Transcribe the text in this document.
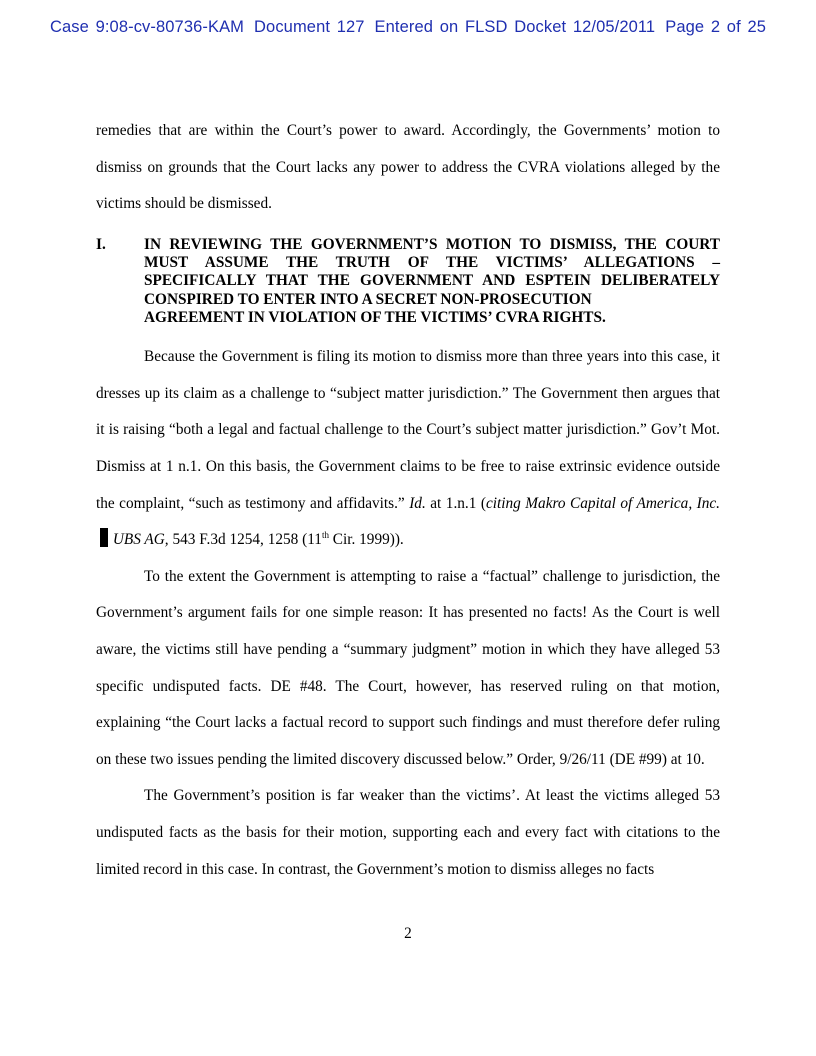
Case 9:08-cv-80736-KAM Document 127 Entered on FLSD Docket 12/05/2011 Page 2 of 25

remedies that are within the Court’s power to award. Accordingly, the Governments’ motion to dismiss on grounds that the Court lacks any power to address the CVRA violations alleged by the victims should be dismissed.

I.	IN REVIEWING THE GOVERNMENT’S MOTION TO DISMISS, THE COURT MUST ASSUME THE TRUTH OF THE VICTIMS’ ALLEGATIONS – SPECIFICALLY THAT THE GOVERNMENT AND ESPTEIN DELIBERATELY CONSPIRED TO ENTER INTO A SECRET NON-PROSECUTION
AGREEMENT IN VIOLATION OF THE VICTIMS’ CVRA RIGHTS.

Because the Government is filing its motion to dismiss more than three years into this case, it dresses up its claim as a challenge to “subject matter jurisdiction.” The Government then argues that it is raising “both a legal and factual challenge to the Court’s subject matter jurisdiction.” Gov’t Mot. Dismiss at 1 n.1. On this basis, the Government claims to be free to raise extrinsic evidence outside the complaint, “such as testimony and affidavits.” Id. at 1.n.1 (citing Makro Capital of America, Inc. UBS AG, 543 F.3d 1254, 1258 (11th Cir. 1999)).

To the extent the Government is attempting to raise a “factual” challenge to jurisdiction, the Government’s argument fails for one simple reason: It has presented no facts! As the Court is well aware, the victims still have pending a “summary judgment” motion in which they have alleged 53 specific undisputed facts. DE #48. The Court, however, has reserved ruling on that motion, explaining “the Court lacks a factual record to support such findings and must therefore defer ruling on these two issues pending the limited discovery discussed below.” Order, 9/26/11 (DE #99) at 10.

The Government’s position is far weaker than the victims’. At least the victims alleged 53 undisputed facts as the basis for their motion, supporting each and every fact with citations to the limited record in this case. In contrast, the Government’s motion to dismiss alleges no facts

2
